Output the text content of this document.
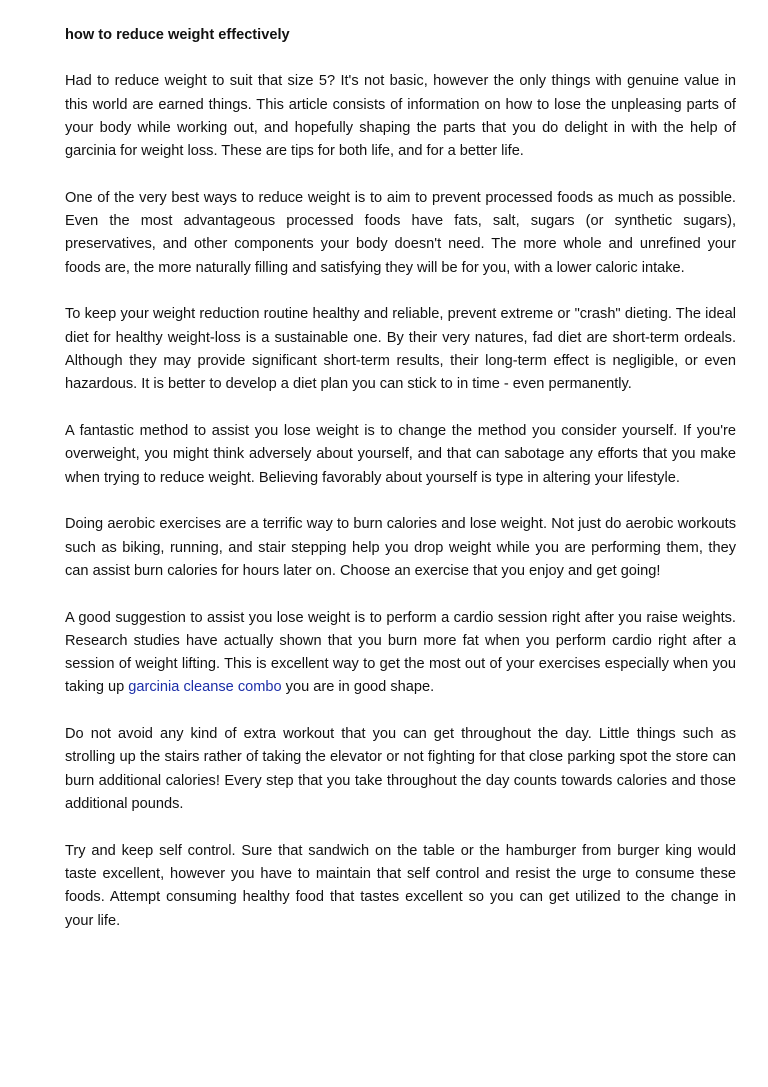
how to reduce weight effectively

Had to reduce weight to suit that size 5? It's not basic, however the only things with genuine value in this world are earned things. This article consists of information on how to lose the unpleasing parts of your body while working out, and hopefully shaping the parts that you do delight in with the help of garcinia for weight loss. These are tips for both life, and for a better life.

One of the very best ways to reduce weight is to aim to prevent processed foods as much as possible. Even the most advantageous processed foods have fats, salt, sugars (or synthetic sugars), preservatives, and other components your body doesn't need. The more whole and unrefined your foods are, the more naturally filling and satisfying they will be for you, with a lower caloric intake.

To keep your weight reduction routine healthy and reliable, prevent extreme or "crash" dieting. The ideal diet for healthy weight-loss is a sustainable one. By their very natures, fad diet are short-term ordeals. Although they may provide significant short-term results, their long-term effect is negligible, or even hazardous. It is better to develop a diet plan you can stick to in time - even permanently.

A fantastic method to assist you lose weight is to change the method you consider yourself. If you're overweight, you might think adversely about yourself, and that can sabotage any efforts that you make when trying to reduce weight. Believing favorably about yourself is type in altering your lifestyle.

Doing aerobic exercises are a terrific way to burn calories and lose weight. Not just do aerobic workouts such as biking, running, and stair stepping help you drop weight while you are performing them, they can assist burn calories for hours later on. Choose an exercise that you enjoy and get going!

A good suggestion to assist you lose weight is to perform a cardio session right after you raise weights. Research studies have actually shown that you burn more fat when you perform cardio right after a session of weight lifting. This is excellent way to get the most out of your exercises especially when you taking up garcinia cleanse combo you are in good shape.

Do not avoid any kind of extra workout that you can get throughout the day. Little things such as strolling up the stairs rather of taking the elevator or not fighting for that close parking spot the store can burn additional calories! Every step that you take throughout the day counts towards calories and those additional pounds.

Try and keep self control. Sure that sandwich on the table or the hamburger from burger king would taste excellent, however you have to maintain that self control and resist the urge to consume these foods. Attempt consuming healthy food that tastes excellent so you can get utilized to the change in your life.
